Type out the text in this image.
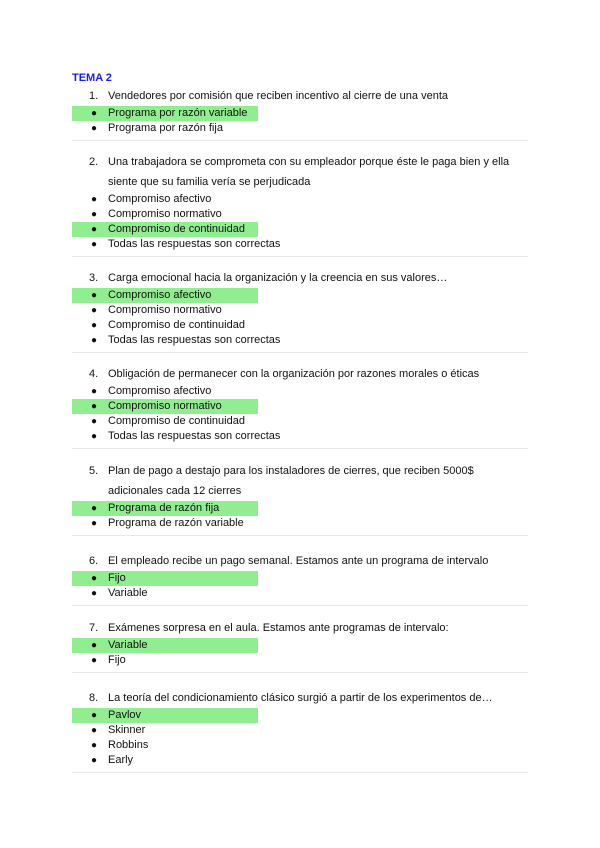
TEMA 2
1. Vendedores por comisión que reciben incentivo al cierre de una venta
● Programa por razón variable
● Programa por razón fija
2. Una trabajadora se comprometa con su empleador porque éste le paga bien y ella
siente que su familia vería se perjudicada
● Compromiso afectivo
● Compromiso normativo
● Compromiso de continuidad
● Todas las respuestas son correctas
3. Carga emocional hacia la organización y la creencia en sus valores…
● Compromiso afectivo
● Compromiso normativo
● Compromiso de continuidad
● Todas las respuestas son correctas
4. Obligación de permanecer con la organización por razones morales o éticas
● Compromiso afectivo
● Compromiso normativo
● Compromiso de continuidad
● Todas las respuestas son correctas
5. Plan de pago a destajo para los instaladores de cierres, que reciben 5000$
adicionales cada 12 cierres
● Programa de razón fija
● Programa de razón variable
6. El empleado recibe un pago semanal. Estamos ante un programa de intervalo
● Fijo
● Variable
7. Exámenes sorpresa en el aula. Estamos ante programas de intervalo:
● Variable
● Fijo
8. La teoría del condicionamiento clásico surgió a partir de los experimentos de…
● Pavlov
● Skinner
● Robbins
● Early
